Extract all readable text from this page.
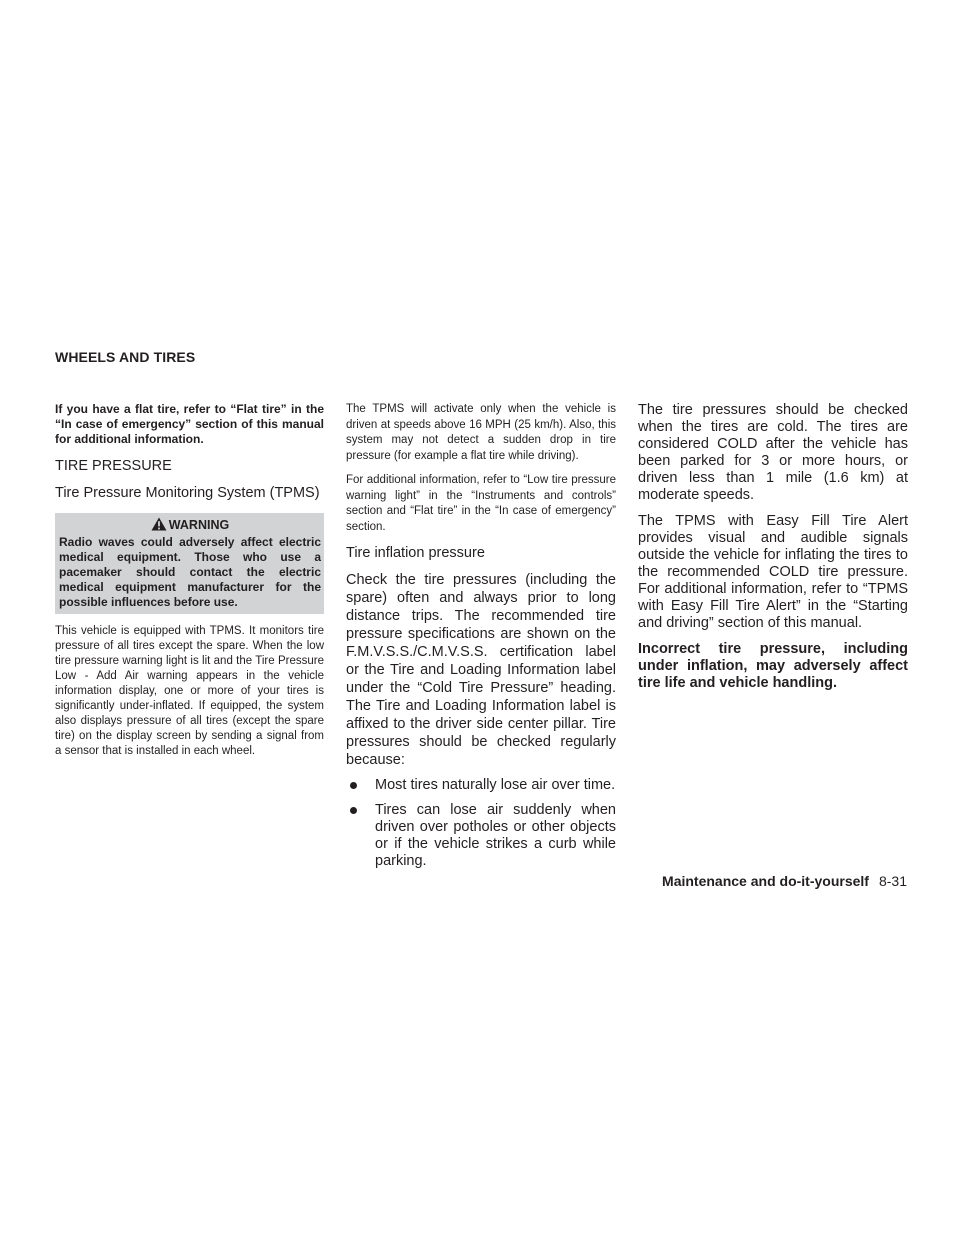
WHEELS AND TIRES

If you have a flat tire, refer to “Flat tire” in the “In case of emergency” section of this manual for additional information.

TIRE PRESSURE

Tire Pressure Monitoring System (TPMS)

WARNING
Radio waves could adversely affect electric medical equipment. Those who use a pacemaker should contact the electric medical equipment manufacturer for the possible influences before use.

This vehicle is equipped with TPMS. It monitors tire pressure of all tires except the spare. When the low tire pressure warning light is lit and the Tire Pressure Low - Add Air warning appears in the vehicle information display, one or more of your tires is significantly under-inflated. If equipped, the system also displays pressure of all tires (except the spare tire) on the display screen by sending a signal from a sensor that is installed in each wheel.

The TPMS will activate only when the vehicle is driven at speeds above 16 MPH (25 km/h). Also, this system may not detect a sudden drop in tire pressure (for example a flat tire while driving).

For additional information, refer to “Low tire pressure warning light” in the “Instruments and controls” section and “Flat tire” in the “In case of emergency” section.

Tire inflation pressure

Check the tire pressures (including the spare) often and always prior to long distance trips. The recommended tire pressure specifications are shown on the F.M.V.S.S./C.M.V.S.S. certification label or the Tire and Loading Information label under the “Cold Tire Pressure” heading. The Tire and Loading Information label is affixed to the driver side center pillar. Tire pressures should be checked regularly because:

Most tires naturally lose air over time.
Tires can lose air suddenly when driven over potholes or other objects or if the vehicle strikes a curb while parking.

The tire pressures should be checked when the tires are cold. The tires are considered COLD after the vehicle has been parked for 3 or more hours, or driven less than 1 mile (1.6 km) at moderate speeds.

The TPMS with Easy Fill Tire Alert provides visual and audible signals outside the vehicle for inflating the tires to the recommended COLD tire pressure. For additional information, refer to “TPMS with Easy Fill Tire Alert” in the “Starting and driving” section of this manual.

Incorrect tire pressure, including under inflation, may adversely affect tire life and vehicle handling.

Maintenance and do-it-yourself 8-31
